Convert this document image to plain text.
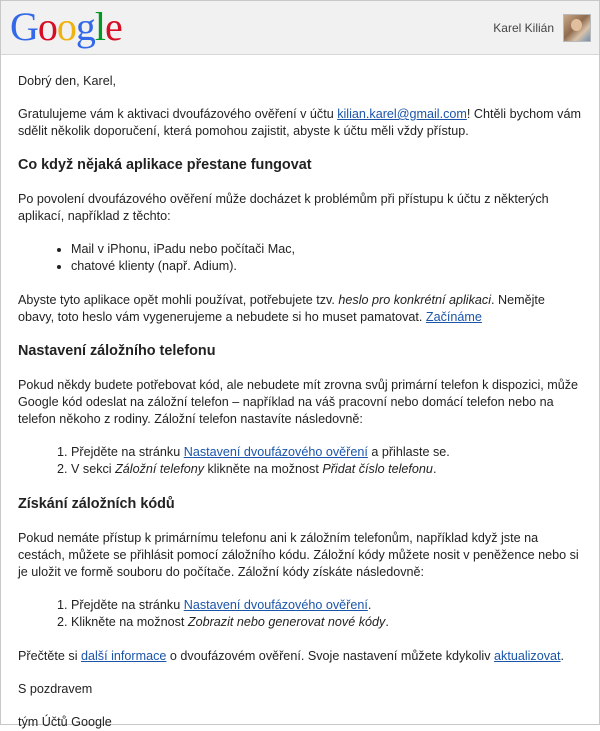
Google	Karel Kilián

Dobrý den, Karel,

Gratulujeme vám k aktivaci dvoufázového ověření v účtu kilian.karel@gmail.com! Chtěli bychom vám sdělit několik doporučení, která pomohou zajistit, abyste k účtu měli vždy přístup.

Co když nějaká aplikace přestane fungovat

Po povolení dvoufázového ověření může docházet k problémům při přístupu k účtu z některých aplikací, například z těchto:

• Mail v iPhonu, iPadu nebo počítači Mac,
• chatové klienty (např. Adium).

Abyste tyto aplikace opět mohli používat, potřebujete tzv. heslo pro konkrétní aplikaci. Nemějte obavy, toto heslo vám vygenerujeme a nebudete si ho muset pamatovat. Začínáme

Nastavení záložního telefonu

Pokud někdy budete potřebovat kód, ale nebudete mít zrovna svůj primární telefon k dispozici, může Google kód odeslat na záložní telefon – například na váš pracovní nebo domácí telefon nebo na telefon někoho z rodiny. Záložní telefon nastavíte následovně:

1. Přejděte na stránku Nastavení dvoufázového ověření a přihlaste se.
2. V sekci Záložní telefony klikněte na možnost Přidat číslo telefonu.
Získání záložních kódů

Pokud nemáte přístup k primárnímu telefonu ani k záložním telefonům, například když jste na cestách, můžete se přihlásit pomocí záložního kódu. Záložní kódy můžete nosit v peněžence nebo si je uložit ve formě souboru do počítače. Záložní kódy získáte následovně:

1. Přejděte na stránku Nastavení dvoufázového ověření.
2. Klikněte na možnost Zobrazit nebo generovat nové kódy.

Přečtěte si další informace o dvoufázovém ověření. Svoje nastavení můžete kdykoliv aktualizovat.

S pozdravem

tým Účtů Google
